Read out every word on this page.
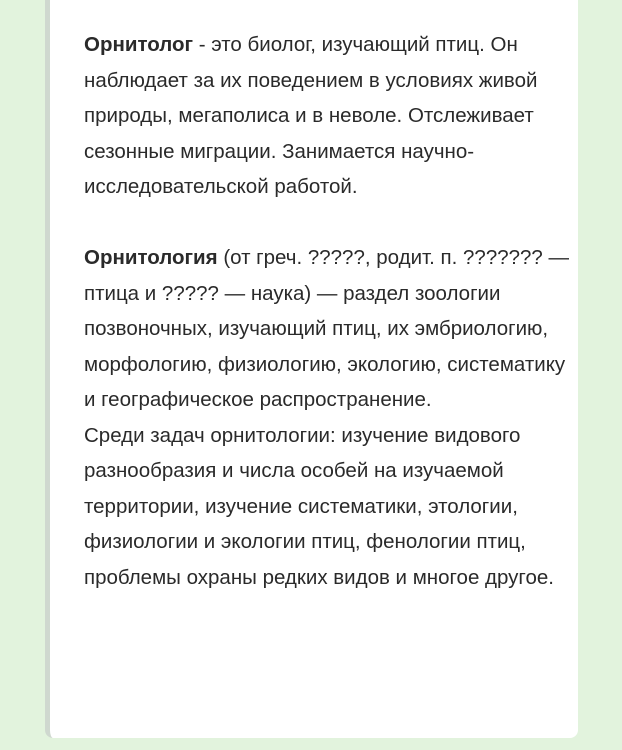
Орнитолог - это биолог, изучающий птиц. Он наблюдает за их поведением в условиях живой природы, мегаполиса и в неволе. Отслеживает сезонные миграции. Занимается научно-исследовательской работой.

Орнитология (от греч. ?????, родит. п. ??????? — птица и ????? — наука) — раздел зоологии позвоночных, изучающий птиц, их эмбриологию, морфологию, физиологию, экологию, систематику и географическое распространение.

Среди задач орнитологии: изучение видового разнообразия и числа особей на изучаемой территории, изучение систематики, этологии, физиологии и экологии птиц, фенологии птиц, проблемы охраны редких видов и многое другое.
